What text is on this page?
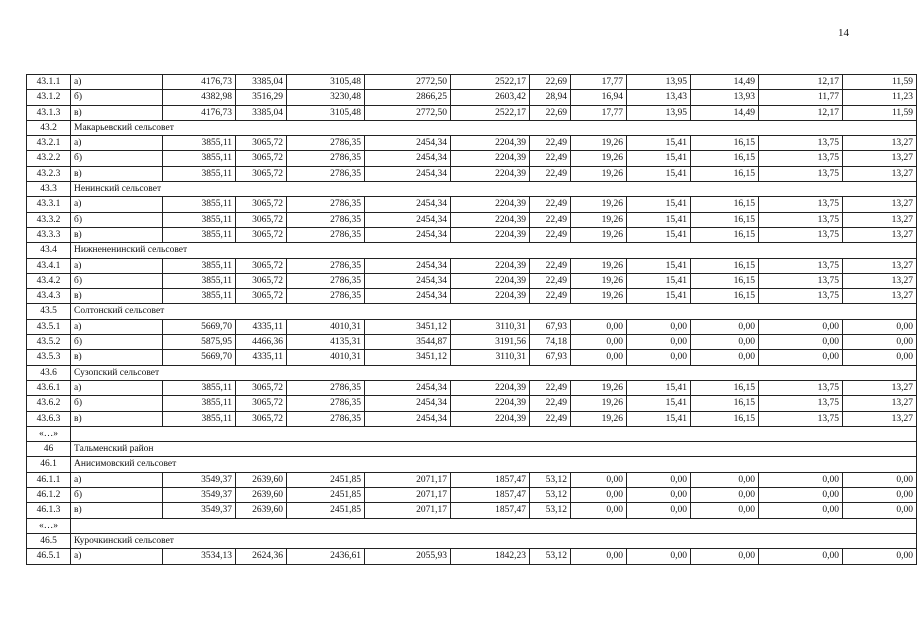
14
43.1.1	а)	4176,73	3385,04	3105,48	2772,50	2522,17	22,69	17,77	13,95	14,49	12,17	11,59
43.1.2	б)	4382,98	3516,29	3230,48	2866,25	2603,42	28,94	16,94	13,43	13,93	11,77	11,23
43.1.3	в)	4176,73	3385,04	3105,48	2772,50	2522,17	22,69	17,77	13,95	14,49	12,17	11,59
43.2	Макарьевский сельсовет											
43.2.1	а)	3855,11	3065,72	2786,35	2454,34	2204,39	22,49	19,26	15,41	16,15	13,75	13,27
43.2.2	б)	3855,11	3065,72	2786,35	2454,34	2204,39	22,49	19,26	15,41	16,15	13,75	13,27
43.2.3	в)	3855,11	3065,72	2786,35	2454,34	2204,39	22,49	19,26	15,41	16,15	13,75	13,27
43.3	Ненинский сельсовет											
43.3.1	а)	3855,11	3065,72	2786,35	2454,34	2204,39	22,49	19,26	15,41	16,15	13,75	13,27
43.3.2	б)	3855,11	3065,72	2786,35	2454,34	2204,39	22,49	19,26	15,41	16,15	13,75	13,27
43.3.3	в)	3855,11	3065,72	2786,35	2454,34	2204,39	22,49	19,26	15,41	16,15	13,75	13,27
43.4	Нижнененинский сельсовет											
43.4.1	а)	3855,11	3065,72	2786,35	2454,34	2204,39	22,49	19,26	15,41	16,15	13,75	13,27
43.4.2	б)	3855,11	3065,72	2786,35	2454,34	2204,39	22,49	19,26	15,41	16,15	13,75	13,27
43.4.3	в)	3855,11	3065,72	2786,35	2454,34	2204,39	22,49	19,26	15,41	16,15	13,75	13,27
43.5	Солтонский сельсовет											
43.5.1	а)	5669,70	4335,11	4010,31	3451,12	3110,31	67,93	0,00	0,00	0,00	0,00	0,00
43.5.2	б)	5875,95	4466,36	4135,31	3544,87	3191,56	74,18	0,00	0,00	0,00	0,00	0,00
43.5.3	в)	5669,70	4335,11	4010,31	3451,12	3110,31	67,93	0,00	0,00	0,00	0,00	0,00
43.6	Сузопский сельсовет											
43.6.1	а)	3855,11	3065,72	2786,35	2454,34	2204,39	22,49	19,26	15,41	16,15	13,75	13,27
43.6.2	б)	3855,11	3065,72	2786,35	2454,34	2204,39	22,49	19,26	15,41	16,15	13,75	13,27
43.6.3	в)	3855,11	3065,72	2786,35	2454,34	2204,39	22,49	19,26	15,41	16,15	13,75	13,27
«…»												
46	Тальменский район											
46.1	Анисимовский сельсовет											
46.1.1	а)	3549,37	2639,60	2451,85	2071,17	1857,47	53,12	0,00	0,00	0,00	0,00	0,00
46.1.2	б)	3549,37	2639,60	2451,85	2071,17	1857,47	53,12	0,00	0,00	0,00	0,00	0,00
46.1.3	в)	3549,37	2639,60	2451,85	2071,17	1857,47	53,12	0,00	0,00	0,00	0,00	0,00
«…»												
46.5	Курочкинский сельсовет											
46.5.1	а)	3534,13	2624,36	2436,61	2055,93	1842,23	53,12	0,00	0,00	0,00	0,00	0,00
